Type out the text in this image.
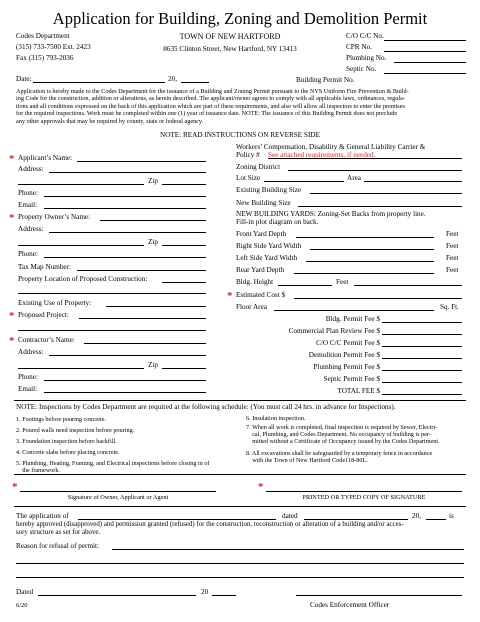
Application for Building, Zoning and Demolition Permit
Codes Department
(315) 733-7500 Ext. 2423
Fax (315) 793-2036
TOWN OF NEW HARTFORD
8635 Clinton Street, New Hartford, NY 13413
C/O C/C No.
CPR No.
Plumbing No.
Septic No.
Date:	20,	Building Permit No.
Application is hereby made to the Codes Department for the issuance of a Building and Zoning Permit pursuant to the NYS Uniform Fire Prevention & Build-
ing Code for the construction, addition or alterations, as herein described. The applicant/owner agrees to comply with all applicable laws, ordinances, regula-
tions and all conditions expressed on the back of this application which are part of these requirements, and also will allow all inspectors to enter the premises
for the required inspections. Work must be completed within one (1) year of issuance date. NOTE: The issuance of this Building Permit does not preclude
any other approvals that may be required by county, state or federal agency.
NOTE: READ INSTRUCTIONS ON REVERSE SIDE
* Applicant’s Name:
Address:
Zip
Phone:
Email:
* Property Owner’s Name:
Address:
Zip
Phone:
Tax Map Number:
Property Location of Proposed Construction:
Existing Use of Property:
* Proposed Project:
* Contractor’s Name:
Address:
Zip
Phone:
Email:
Workers’ Compensation, Disability & General Liability Carrier &
Policy # See attached requirements, if needed.
Zoning District
Lot Size	Area
Existing Building Size
New Building Size
NEW BUILDING YARDS: Zoning-Set Backs from property line.
Fill-in plot diagram on back.
Front Yard Depth	Feet
Right Side Yard Width	Feet
Left Side Yard Width	Feet
Rear Yard Depth	Feet
Bldg. Height	Feet
* Estimated Cost $
Floor Area	Sq. Ft.
Bldg. Permit Fee $
Commercial Plan Review Fee $
C/O C/C Permit Fee $
Demolition Permit Fee $
Plumbing Permit Fee $
Septic Permit Fee $
TOTAL FEE $
NOTE: Inspections by Codes Department are required at the following schedule: (You must call 24 hrs. in advance for Inspections).
1. Footings before pouring concrete.
2. Poured walls need inspection before pouring.
3. Foundation inspection before backfill.
4. Concrete slabs before placing concrete.
5. Plumbing, Heating, Framing, and Electrical inspections before closing in of
the framework.
6. Insulation inspection.
7. When all work is completed, final inspection is required by Sewer, Electri-
cal, Plumbing, and Codes Department. No occupancy of building is per-
mitted without a Certificate of Occupancy issued by the Codes Department.
8. All excavations shall be safeguarded by a temporary fence in accordance
with the Town of New Hartford Code118-80L.
*
Signature of Owner, Applicant or Agent
*
PRINTED OR TYPED COPY OF SIGNATURE
The application of	dated	20,	is
hereby approved (disapproved) and permission granted (refused) for the construction, reconstruction or alteration of a building and/or acces-
sory structure as set for above.
Reason for refusal of permit:
Dated	20
6/20	Codes Enforcement Officer
